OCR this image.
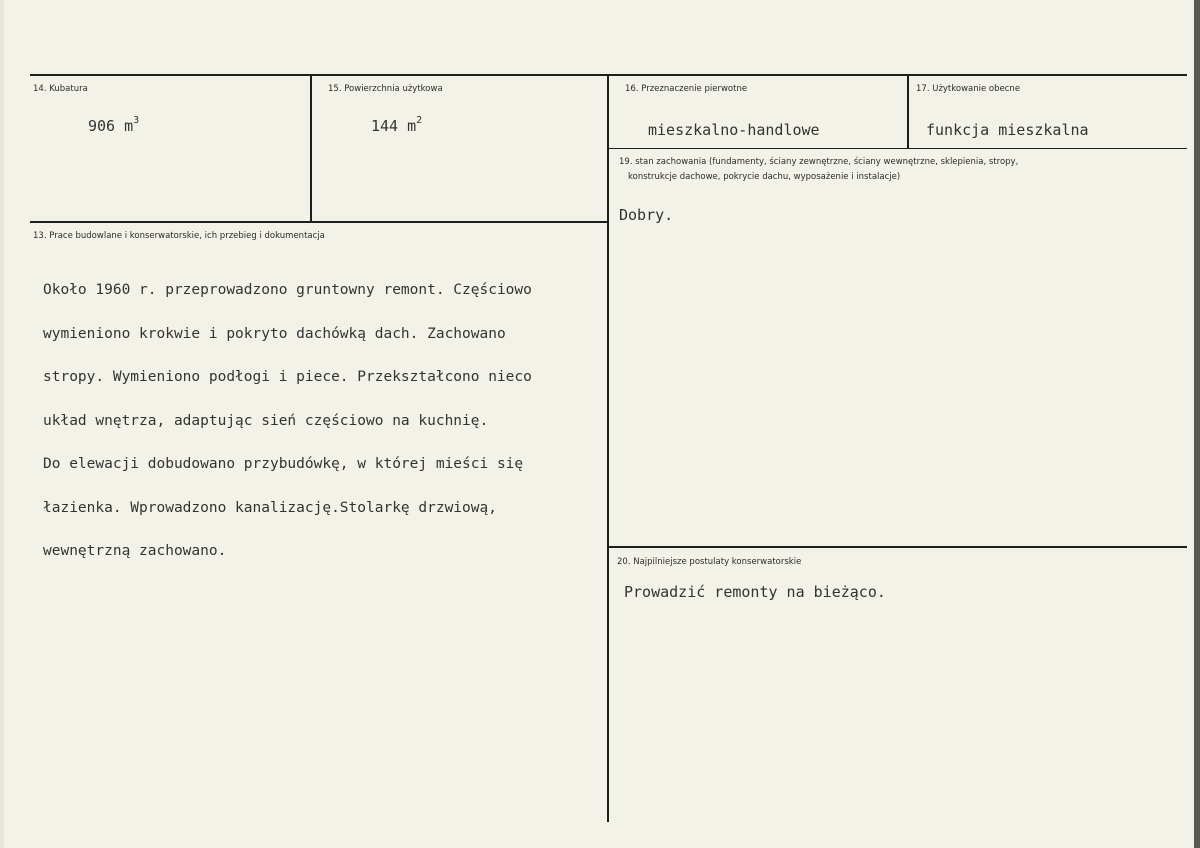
14. Kubatura
906 $m^3$
15. Powierzchnia użytkowa
144 $m^2$
16. Przeznaczenie pierwotne
mieszkalno-handlowe
17. Użytkowanie obecne
funkcja mieszkalna
19. stan zachowania (fundamenty, ściany zewnętrzne, ściany wewnętrzne, sklepienia, stropy,
konstrukcje dachowe, pokrycie dachu, wyposażenie i instalacje)
Dobry.
13. Prace budowlane i konserwatorskie, ich przebieg i dokumentacja

Około 1960 r. przeprowadzono gruntowny remont. Częściowo

wymieniono krokwie i pokryto dachówką dach. Zachowano

stropy. Wymieniono podłogi i piece. Przekształcono nieco

układ wnętrza, adaptując sień częściowo na kuchnię.

Do elewacji dobudowano przybudówkę, w której mieści się

łazienka. Wprowadzono kanalizację.Stolarkę drzwiową,

wewnętrzną zachowano.

20. Najpilniejsze postulaty konserwatorskie
Prowadzić remonty na bieżąco.
